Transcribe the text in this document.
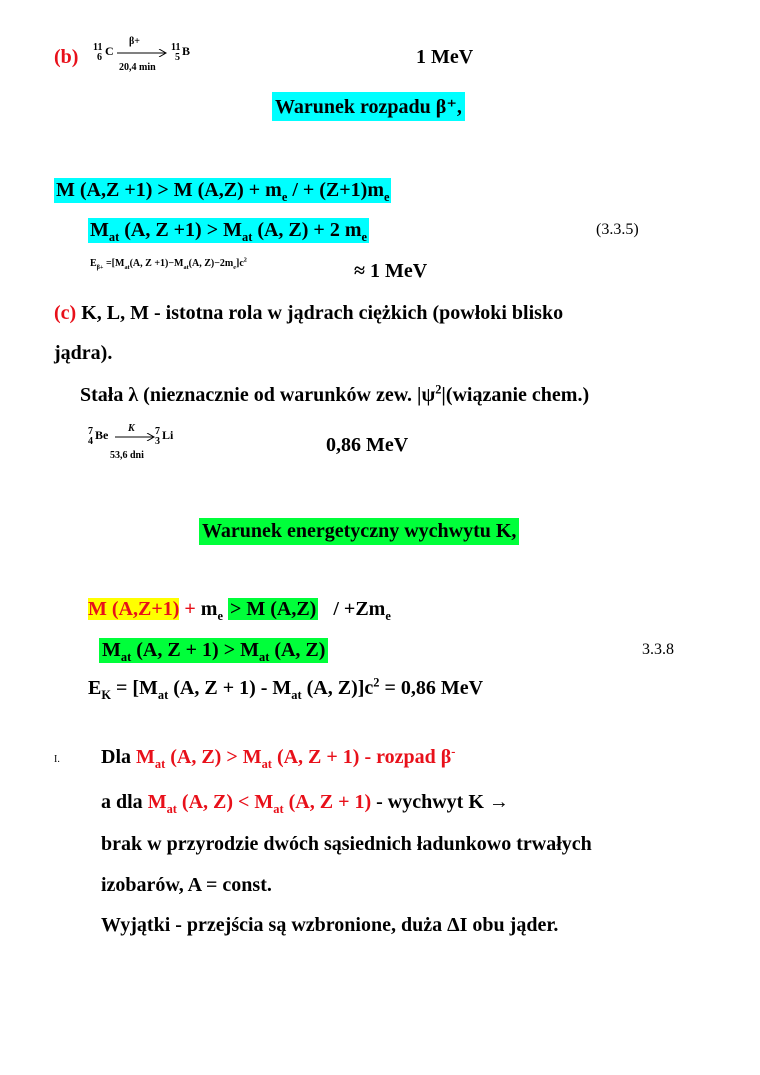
(b) 11
6 C
β+
20,4 min
11
5 B	1 MeV
Warunek rozpadu β⁺,
M (A,Z +1) > M $(A,Z) + m_e$ / + $(Z+1)m_e$
$M_{at}$ (A, $Z +1) > M_{at}$ (A, Z) + 2 $m_e$	(3.3.5)
$E_{\beta+} =[M_{at}(A$, $Z +1)-M_{at}(A$, $Z)-2m_e]c^2$	≈ 1 MeV
(c) K, L, M - istotna rola w jądrach ciężkich (powłoki blisko
jądra).
Stała λ (nieznacznie od warunków zew. $|\psi^2|(wiązanie$ chem.)
7
4 Be K
53,6 dni
7
3 Li	0,86 MeV
Warunek energetyczny wychwytu K,
M $(A,Z+1) + m_e > M$ $(A,Z) / +Zm_e$
$M_{at}$ (A, $Z + 1) > M_{at}$ (A, Z)	3.3.8
$E_K = [M_{at}$ (A, $Z + 1) - M_{at}$ (A, $Z)]c^2 = 0,86$ MeV
I. Dla $M_{at}$ (A, $Z) > M_{at}$ (A, Z + 1) - rozpad β-
a dla $M_{at}$ (A, $Z) < M_{at}$ (A, Z + 1) - wychwyt K →
brak w przyrodzie dwóch sąsiednich ładunkowo trwałych
izobarów, A = const.
Wyjątki - przejścia są wzbronione, duża ΔI obu jąder.
